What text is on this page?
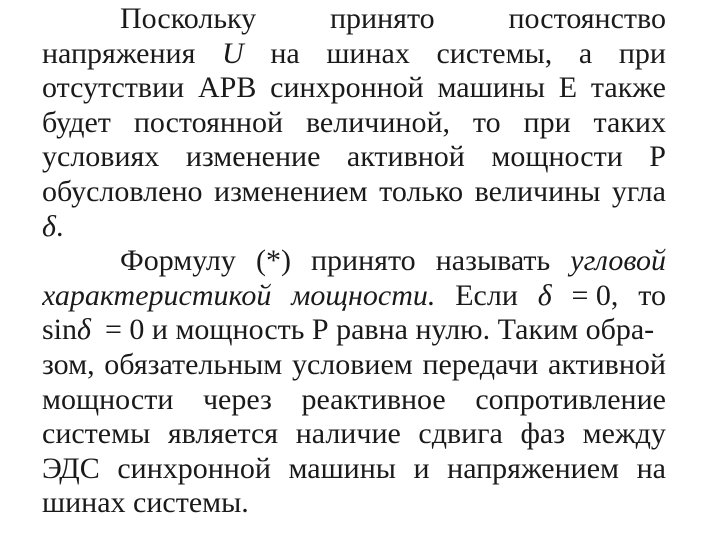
Поскольку принято постоянство
напряжения U на шинах системы, а при
отсутствии АРВ синхронной машины Е также
будет постоянной величиной, то при таких
условиях изменение активной мощности Р
обусловлено изменением только величины угла
δ.
Формулу (*) принято называть угловой
характеристикой мощности. Если δ = 0, то
sinδ = 0 и мощность Р равна нулю. Таким обра-
зом, обязательным условием передачи активной
мощности через реактивное сопротивление
системы является наличие сдвига фаз между
ЭДС синхронной машины и напряжением на
шинах системы.
